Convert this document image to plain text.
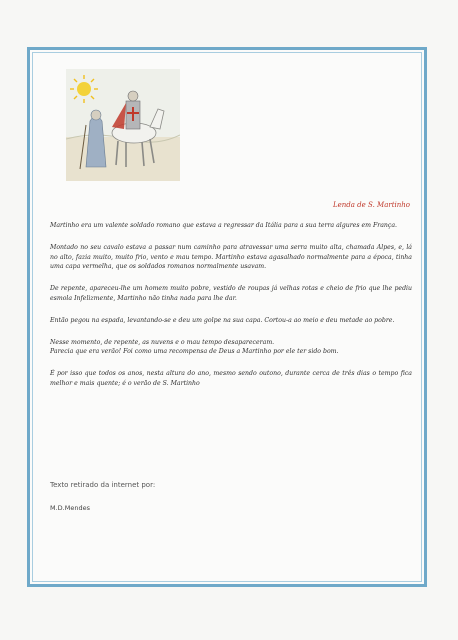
Lenda de S. Martinho

Martinho era um valente soldado romano que estava a regressar da Itália para a sua terra algures em França.

Montado no seu cavalo estava a passar num caminho para atravessar uma serra muito alta, chamada Alpes, e, lá no alto, fazia muito, muito frio, vento e mau tempo. Martinho estava agasalhado normalmente para a época, tinha uma capa vermelha, que os soldados romanos normalmente usavam.

De repente, apareceu-lhe um homem muito pobre, vestido de roupas já velhas rotas e cheio de frio que lhe pediu esmola Infelizmente, Martinho não tinha nada para lhe dar.

Então pegou na espada, levantando-se e deu um golpe na sua capa. Cortou-a ao meio e deu metade ao pobre.

Nesse momento, de repente, as nuvens e o mau tempo desapareceram.

Parecia que era verão! Foi como uma recompensa de Deus a Martinho por ele ter sido bom.

É por isso que todos os anos, nesta altura do ano, mesmo sendo outono, durante cerca de três dias o tempo fica melhor e mais quente; é o verão de S. Martinho

Texto retirado da internet por:
M.D.Mendes
